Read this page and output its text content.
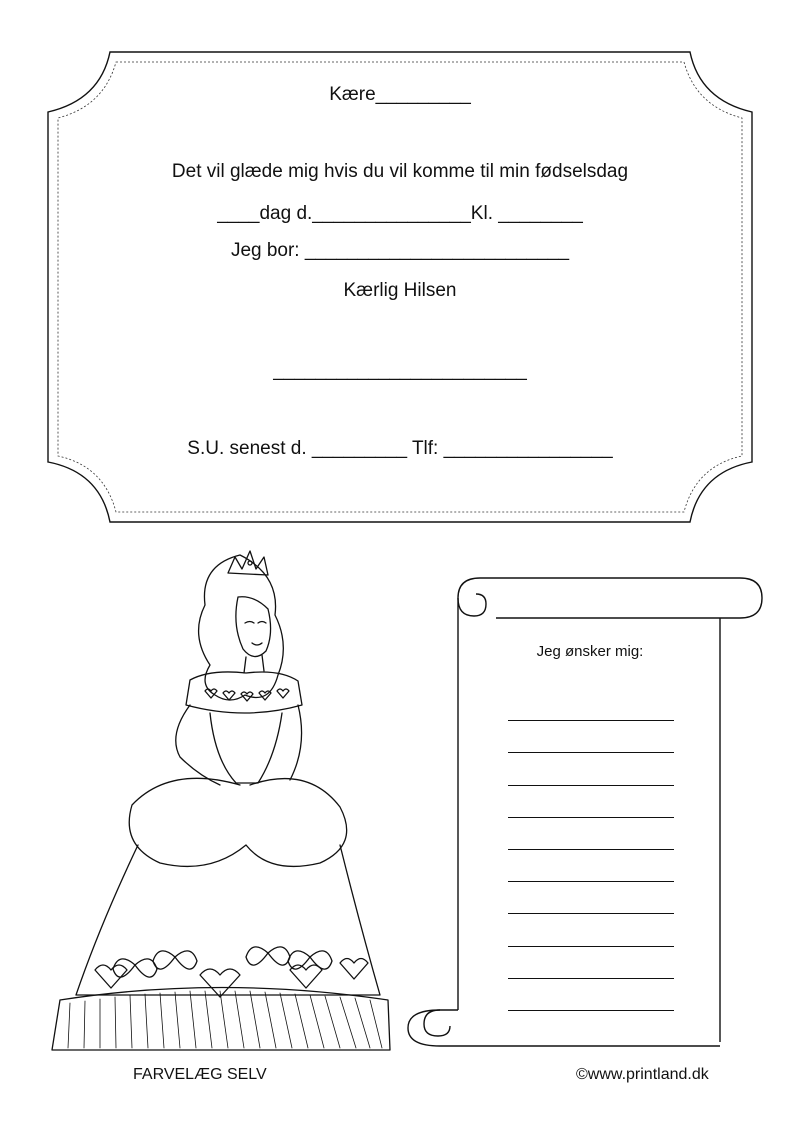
Kære_________
Det vil glæde mig hvis du vil komme til min fødselsdag
____dag d._______________Kl. ________
Jeg bor: _________________________
Kærlig Hilsen
________________________
S.U. senest d. _________ Tlf: ________________
Jeg ønsker mig:
FARVELÆG SELV	©www.printland.dk
